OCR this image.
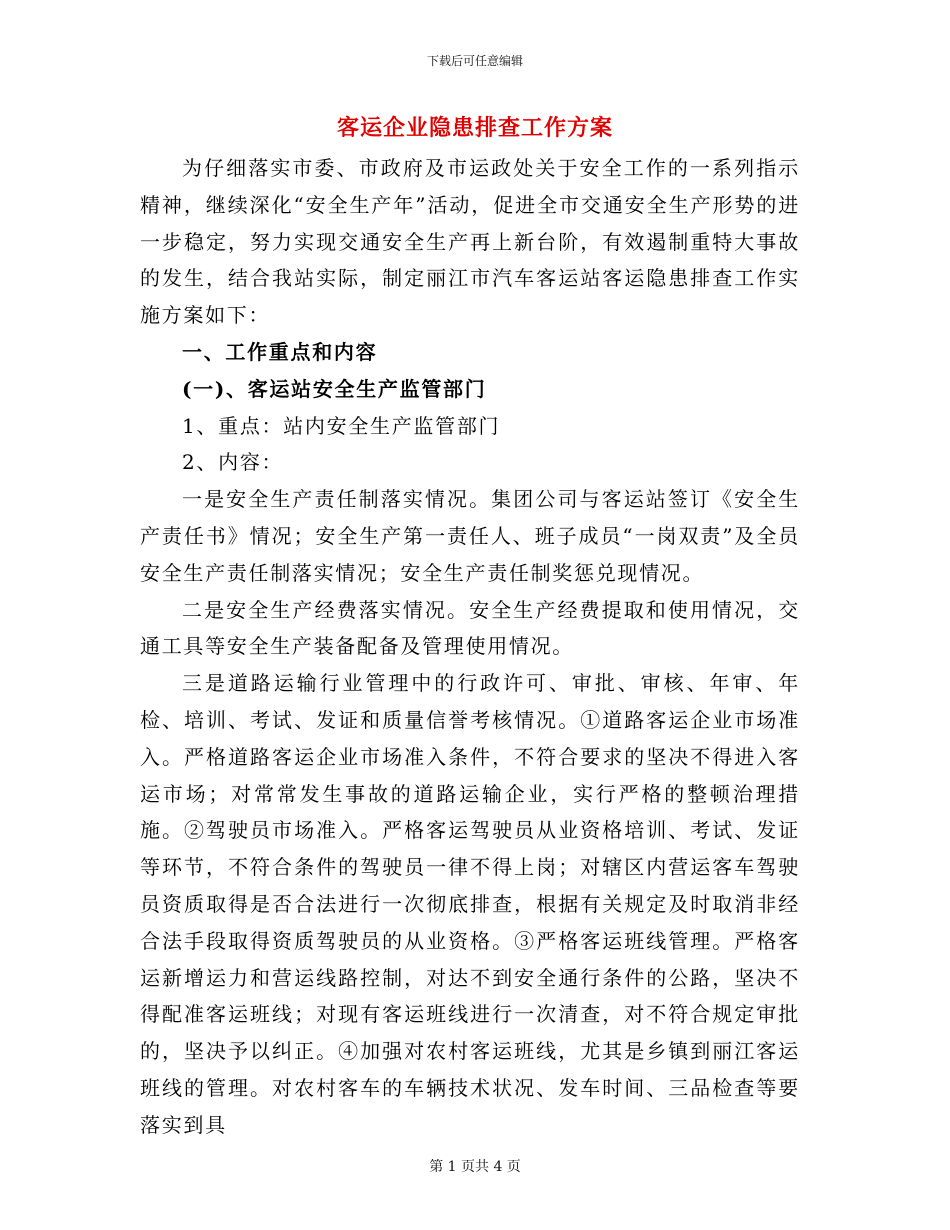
下载后可任意编辑
客运企业隐患排查工作方案

为仔细落实市委、市政府及市运政处关于安全工作的一系列指示精神，继续深化“安全生产年”活动，促进全市交通安全生产形势的进一步稳定，努力实现交通安全生产再上新台阶，有效遏制重特大事故的发生，结合我站实际，制定丽江市汽车客运站客运隐患排查工作实施方案如下：

一、工作重点和内容

(一)、客运站安全生产监管部门

1、重点：站内安全生产监管部门

2、内容：

一是安全生产责任制落实情况。集团公司与客运站签订《安全生产责任书》情况；安全生产第一责任人、班子成员“一岗双责”及全员安全生产责任制落实情况；安全生产责任制奖惩兑现情况。

二是安全生产经费落实情况。安全生产经费提取和使用情况，交通工具等安全生产装备配备及管理使用情况。

三是道路运输行业管理中的行政许可、审批、审核、年审、年检、培训、考试、发证和质量信誉考核情况。①道路客运企业市场准入。严格道路客运企业市场准入条件，不符合要求的坚决不得进入客运市场；对常常发生事故的道路运输企业，实行严格的整顿治理措施。②驾驶员市场准入。严格客运驾驶员从业资格培训、考试、发证等环节，不符合条件的驾驶员一律不得上岗；对辖区内营运客车驾驶员资质取得是否合法进行一次彻底排查，根据有关规定及时取消非经合法手段取得资质驾驶员的从业资格。③严格客运班线管理。严格客运新增运力和营运线路控制，对达不到安全通行条件的公路，坚决不得配准客运班线；对现有客运班线进行一次清查，对不符合规定审批的，坚决予以纠正。④加强对农村客运班线，尤其是乡镇到丽江客运班线的管理。对农村客车的车辆技术状况、发车时间、三品检查等要落实到具

第 1 页共 4 页
